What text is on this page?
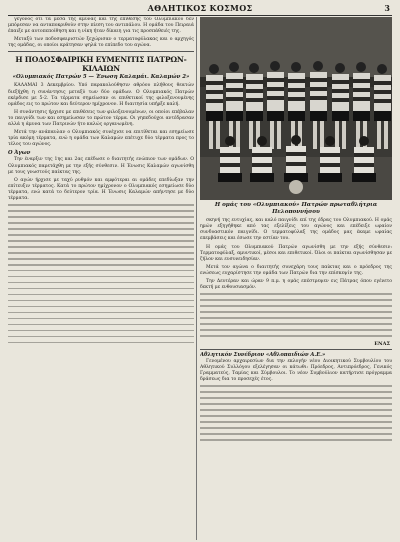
ΑΘΛΗΤΙΚΟΣ ΚΟΣΜΟΣ	3

γεγονός ότι τα μέσα της άμυνας και της επίθεσης του Ολυμπιακού δεν μπόρεσαν να ανταποκριθούν στην πίεση του αντιπάλου. Η ομάδα του Πειραιά έπαιξε με αυτοπεποίθηση και η νίκη ήταν δίκαιη για τις προσπάθειές της.

Μεταξύ των ποδοσφαιριστών ξεχώρισαν ο τερματοφύλακας και ο αρχηγός της ομάδας, οι οποίοι κράτησαν ψηλά το επίπεδο του αγώνα.

Η ΠΟΔΟΣΦΑΙΡΙΚΗ ΕΥΜΕΝΙΤΙΣ ΠΑΤΡΩΝ-ΚΙΛΑΙΩΝ
«Ολυμπιακός Πατρών 5 — Ένωση Καλαμάι. Καλαμών 2»

ΚΑΛΑΜΑΙ 3 Δεκεμβρίου. Υπό παρακολούθησιν αθρόου πλήθους θεατών διεξήχθη η συνάντησις μεταξύ των δύο ομάδων. Ο Ολυμπιακός Πατρών εκέρδισε με 5-2. Τα τέρματα σημείωσαν οι επιθετικοί της φιλοξενουμένης ομάδος εις το πρώτον και δεύτερον ημίχρονον. Η διαιτησία υπήρξε καλή.

Η συνάντησις ήρχισε με επιθέσεις των φιλοξενουμένων, οι οποίοι επέβαλαν το παιγνίδι των και εσημείωσαν το πρώτον τέρμα. Οι γηπεδούχοι αντέδρασαν αλλά η άμυνα των Πατρινών ήτο καλώς οργανωμένη.

Μετά την ανάπαυλαν ο Ολυμπιακός συνέχισε να επιτίθεται και εσημείωσε τρία ακόμη τέρματα, ενώ η ομάδα των Καλαμών επέτυχε δύο τέρματα προς το τέλος του αγώνος.

Ο Άγων

Την έναρξιν της 1ης και 2ας επέδωσε ο διαιτητής ενώπιον των ομάδων. Ο Ολυμπιακός παρετάχθη με την εξής σύνθεσιν. Η Ένωσις Καλαμών αγωνίσθη με τους γνωστούς παίκτας της.

Ο αγών ήρχισε με ταχύ ρυθμόν και αμφότεραι αι ομάδες επεδίωξαν την επίτευξιν τέρματος. Κατά το πρώτον ημίχρονον ο Ολυμπιακός εσημείωσε δύο τέρματα, ενώ κατά το δεύτερον τρία. Η Ένωσις Καλαμών απήντησε με δύο τέρματα.

Η ομάς του «Ολυμπιακού» Πατρών πρωταθλήτρια Πελοποννήσου

σκηνή της ευτυχίας, και καλό παιγνίδι επί της έδρας του Ολυμπιακού. Η ομάς ημών εξηγήθηκε από τας εξελίξεις του αγώνος και επέδειξε ωραίον συνδυαστικόν παιγνίδι. Ο τερματοφύλαξ της ομάδος μας έκαμε ωραίας επεμβάσεις και έσωσε την εστίαν του.

Η ομάς του Ολυμπιακού Πατρών αγωνίσθη με την εξής σύνθεσιν: Τερματοφύλαξ, αμυντικοί, μέσοι και επιθετικοί. Όλοι οι παίκται αγωνίσθησαν με ζήλον και ευσυνειδησίαν.

Μετά τον αγώνα ο διαιτητής συνεχάρη τους παίκτας και ο πρόεδρος της ενώσεως ευχαρίστησε την ομάδα των Πατρών δια την επίσκεψίν της.

Την Δευτέραν και ώραν 9 π.μ. η ομάς επέστρεψεν εις Πάτρας όπου εγένετο δεκτή με ενθουσιασμόν.

ΕΝΑΣ
Αθλητικόν Συνέδριον «Αθλοπαιδιών Α.Ε.»

Γενομένου αρχαιρεσίων δια την εκλογήν νέου Διοικητικού Συμβουλίου του Αθλητικού Συλλόγου εξελέγησαν οι κάτωθι: Πρόεδρος, Αντιπρόεδρος, Γενικός Γραμματεύς, Ταμίας και Σύμβουλοι. Το νέον Συμβούλιον κατήρτισε πρόγραμμα δράσεως δια το προσεχές έτος.
